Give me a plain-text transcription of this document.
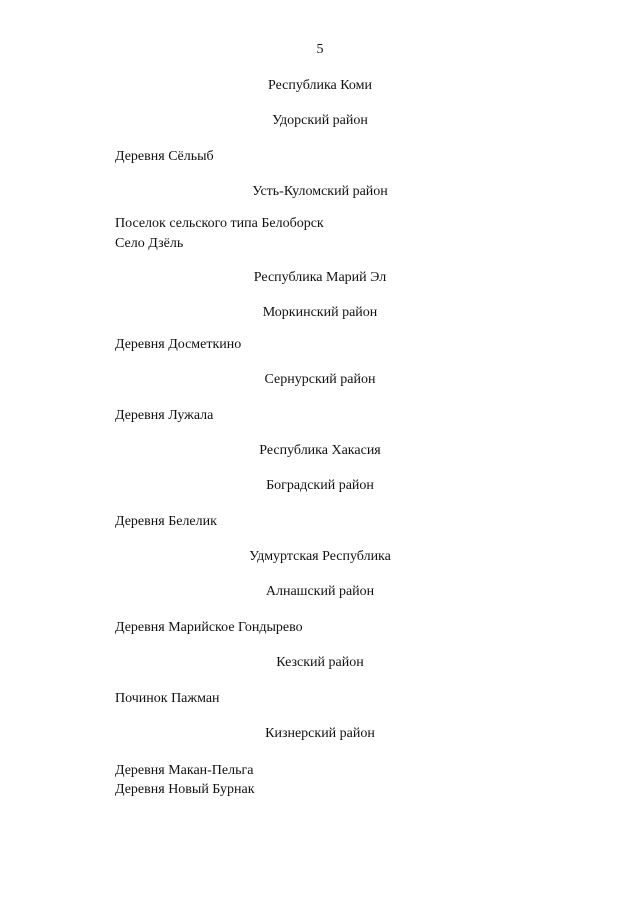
5
Республика Коми
Удорский район
Деревня Сёльыб
Усть-Куломский район
Поселок сельского типа Белоборск
Село Дзёль
Республика Марий Эл
Моркинский район
Деревня Досметкино
Сернурский район
Деревня Лужала
Республика Хакасия
Боградский район
Деревня Белелик
Удмуртская Республика
Алнашский район
Деревня Марийское Гондырево
Кезский район
Починок Пажман
Кизнерский район
Деревня Макан-Пельга
Деревня Новый Бурнак
